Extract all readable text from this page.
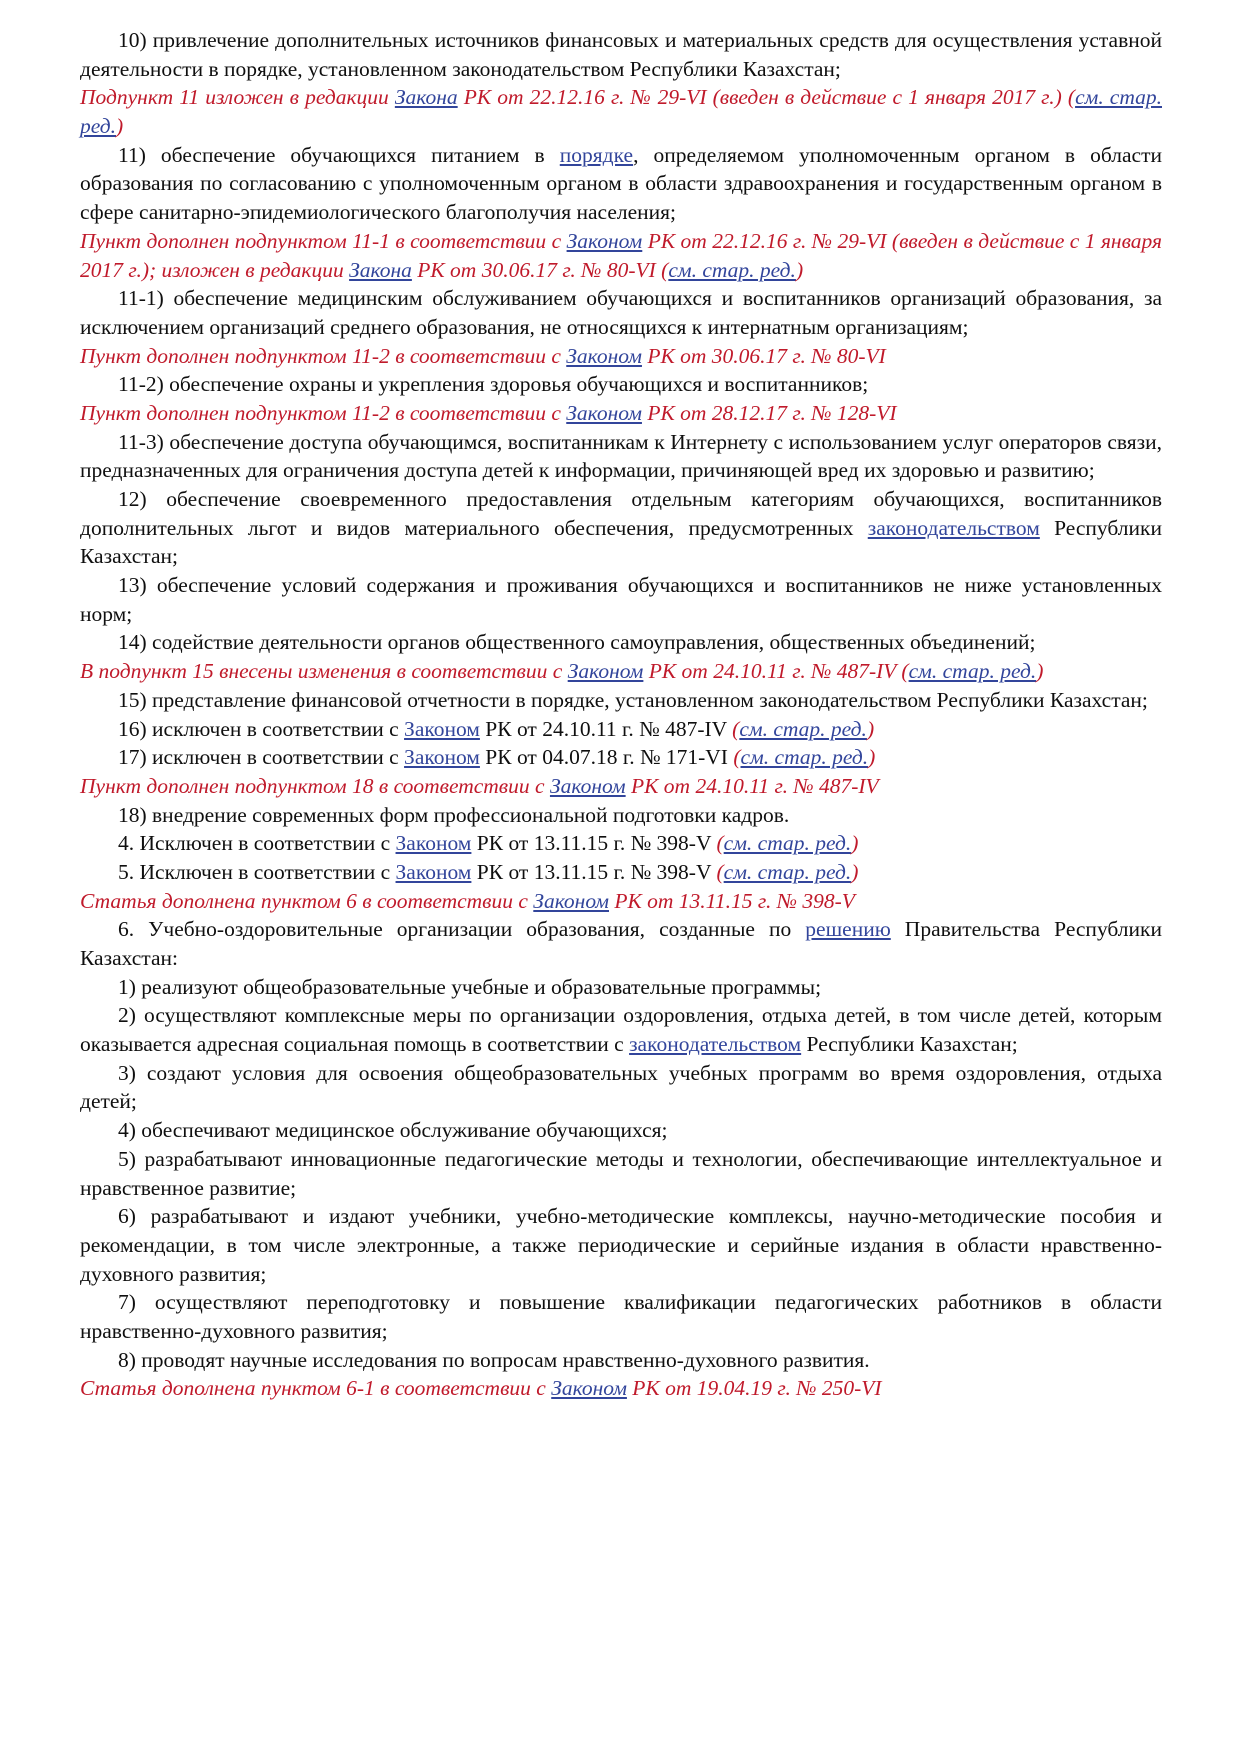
10) привлечение дополнительных источников финансовых и материальных средств для осуществления уставной деятельности в порядке, установленном законодательством Республики Казахстан;

Подпункт 11 изложен в редакции Закона РК от 22.12.16 г. № 29-VI (введен в действие с 1 января 2017 г.) (см. стар. ред.)

11) обеспечение обучающихся питанием в порядке, определяемом уполномоченным органом в области образования по согласованию с уполномоченным органом в области здравоохранения и государственным органом в сфере санитарно-эпидемиологического благополучия населения;

Пункт дополнен подпунктом 11-1 в соответствии с Законом РК от 22.12.16 г. № 29-VI (введен в действие с 1 января 2017 г.); изложен в редакции Закона РК от 30.06.17 г. № 80-VI (см. стар. ред.)

11-1) обеспечение медицинским обслуживанием обучающихся и воспитанников организаций образования, за исключением организаций среднего образования, не относящихся к интернатным организациям;

Пункт дополнен подпунктом 11-2 в соответствии с Законом РК от 30.06.17 г. № 80-VI

11-2) обеспечение охраны и укрепления здоровья обучающихся и воспитанников;

Пункт дополнен подпунктом 11-2 в соответствии с Законом РК от 28.12.17 г. № 128-VI

11-3) обеспечение доступа обучающимся, воспитанникам к Интернету с использованием услуг операторов связи, предназначенных для ограничения доступа детей к информации, причиняющей вред их здоровью и развитию;

12) обеспечение своевременного предоставления отдельным категориям обучающихся, воспитанников дополнительных льгот и видов материального обеспечения, предусмотренных законодательством Республики Казахстан;

13) обеспечение условий содержания и проживания обучающихся и воспитанников не ниже установленных норм;

14) содействие деятельности органов общественного самоуправления, общественных объединений;

В подпункт 15 внесены изменения в соответствии с Законом РК от 24.10.11 г. № 487-IV (см. стар. ред.)

15) представление финансовой отчетности в порядке, установленном законодательством Республики Казахстан;

16) исключен в соответствии с Законом РК от 24.10.11 г. № 487-IV (см. стар. ред.)

17) исключен в соответствии с Законом РК от 04.07.18 г. № 171-VI (см. стар. ред.)

Пункт дополнен подпунктом 18 в соответствии с Законом РК от 24.10.11 г. № 487-IV

18) внедрение современных форм профессиональной подготовки кадров.

4. Исключен в соответствии с Законом РК от 13.11.15 г. № 398-V (см. стар. ред.)

5. Исключен в соответствии с Законом РК от 13.11.15 г. № 398-V (см. стар. ред.)

Статья дополнена пунктом 6 в соответствии с Законом РК от 13.11.15 г. № 398-V

6. Учебно-оздоровительные организации образования, созданные по решению Правительства Республики Казахстан:

1) реализуют общеобразовательные учебные и образовательные программы;

2) осуществляют комплексные меры по организации оздоровления, отдыха детей, в том числе детей, которым оказывается адресная социальная помощь в соответствии с законодательством Республики Казахстан;

3) создают условия для освоения общеобразовательных учебных программ во время оздоровления, отдыха детей;

4) обеспечивают медицинское обслуживание обучающихся;

5) разрабатывают инновационные педагогические методы и технологии, обеспечивающие интеллектуальное и нравственное развитие;

6) разрабатывают и издают учебники, учебно-методические комплексы, научно-методические пособия и рекомендации, в том числе электронные, а также периодические и серийные издания в области нравственно-духовного развития;

7) осуществляют переподготовку и повышение квалификации педагогических работников в области нравственно-духовного развития;

8) проводят научные исследования по вопросам нравственно-духовного развития.

Статья дополнена пунктом 6-1 в соответствии с Законом РК от 19.04.19 г. № 250-VI
